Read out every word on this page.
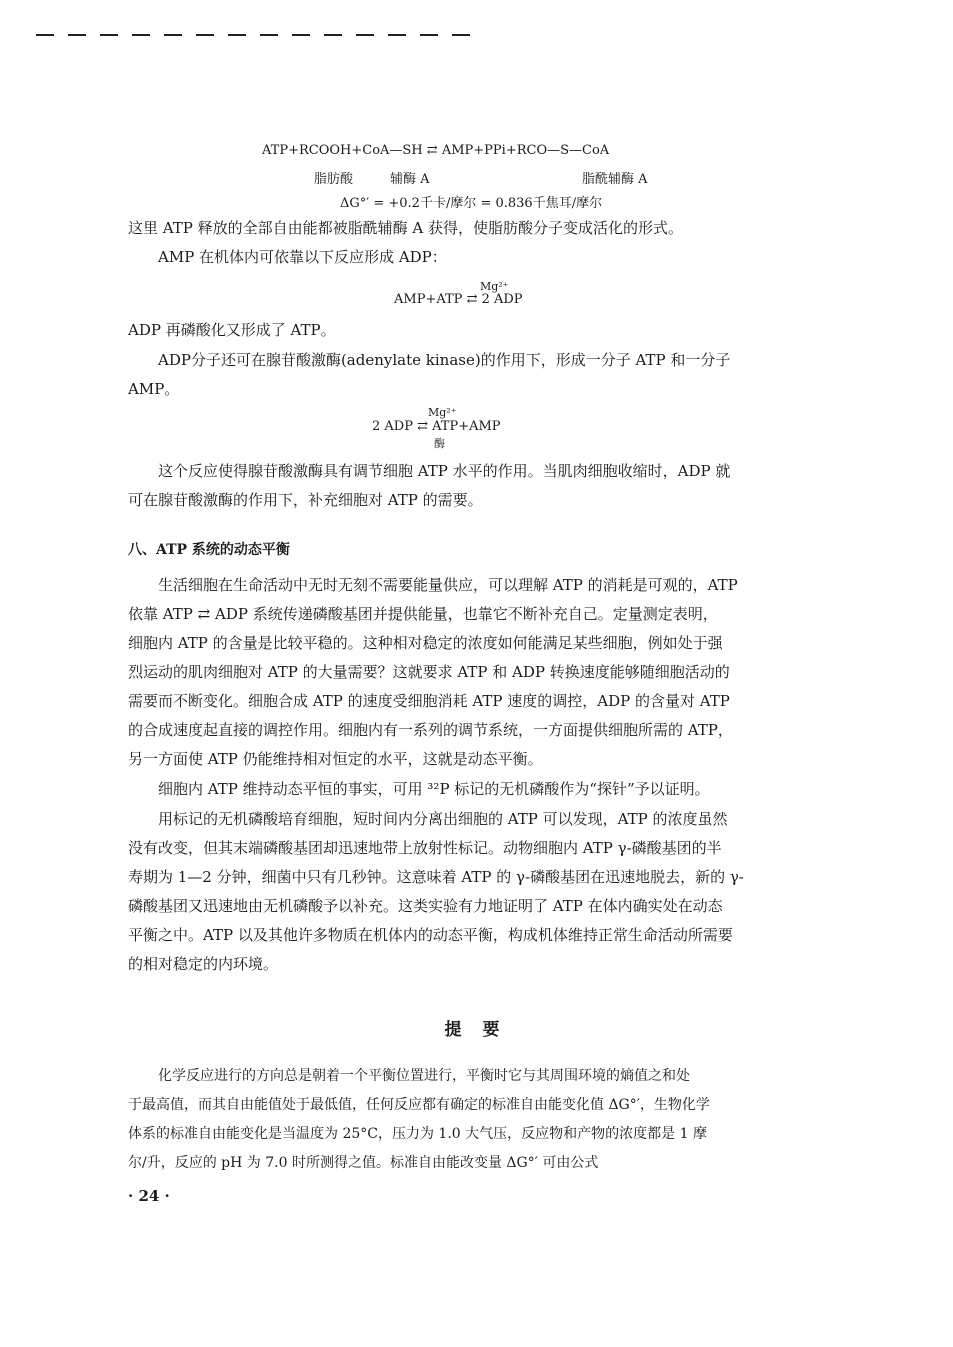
ATP+RCOOH+CoA—SH ⇄ AMP+PPi+RCO—S—CoA
脂肪酸	辅酶 A	脂酰辅酶 A
ΔG°′ = +0.2千卡/摩尔 = 0.836千焦耳/摩尔
这里 ATP 释放的全部自由能都被脂酰辅酶 A 获得，使脂肪酸分子变成活化的形式。
AMP 在机体内可依靠以下反应形成 ADP：
Mg²⁺
AMP+ATP ⇄ 2 ADP
ADP 再磷酸化又形成了 ATP。
ADP分子还可在腺苷酸激酶(adenylate kinase)的作用下，形成一分子 ATP 和一分子
AMP。
Mg²⁺
2 ADP ⇄ ATP+AMP
酶
这个反应使得腺苷酸激酶具有调节细胞 ATP 水平的作用。当肌肉细胞收缩时，ADP 就
可在腺苷酸激酶的作用下，补充细胞对 ATP 的需要。
八、ATP 系统的动态平衡
生活细胞在生命活动中无时无刻不需要能量供应，可以理解 ATP 的消耗是可观的，ATP
依靠 ATP ⇄ ADP 系统传递磷酸基团并提供能量，也靠它不断补充自己。定量测定表明，
细胞内 ATP 的含量是比较平稳的。这种相对稳定的浓度如何能满足某些细胞，例如处于强
烈运动的肌肉细胞对 ATP 的大量需要？这就要求 ATP 和 ADP 转换速度能够随细胞活动的
需要而不断变化。细胞合成 ATP 的速度受细胞消耗 ATP 速度的调控，ADP 的含量对 ATP
的合成速度起直接的调控作用。细胞内有一系列的调节系统，一方面提供细胞所需的 ATP，
另一方面使 ATP 仍能维持相对恒定的水平，这就是动态平衡。
细胞内 ATP 维持动态平恒的事实，可用 ³²P 标记的无机磷酸作为“探针”予以证明。
用标记的无机磷酸培育细胞，短时间内分离出细胞的 ATP 可以发现，ATP 的浓度虽然
没有改变，但其末端磷酸基团却迅速地带上放射性标记。动物细胞内 ATP γ-磷酸基团的半
寿期为 1—2 分钟，细菌中只有几秒钟。这意味着 ATP 的 γ-磷酸基团在迅速地脱去，新的 γ-
磷酸基团又迅速地由无机磷酸予以补充。这类实验有力地证明了 ATP 在体内确实处在动态
平衡之中。ATP 以及其他许多物质在机体内的动态平衡，构成机体维持正常生命活动所需要
的相对稳定的内环境。
提　要
化学反应进行的方向总是朝着一个平衡位置进行，平衡时它与其周围环境的熵值之和处
于最高值，而其自由能值处于最低值，任何反应都有确定的标准自由能变化值 ΔG°′，生物化学
体系的标准自由能变化是当温度为 25°C，压力为 1.0 大气压，反应物和产物的浓度都是 1 摩
尔/升，反应的 pH 为 7.0 时所测得之值。标准自由能改变量 ΔG°′ 可由公式
· 24 ·
